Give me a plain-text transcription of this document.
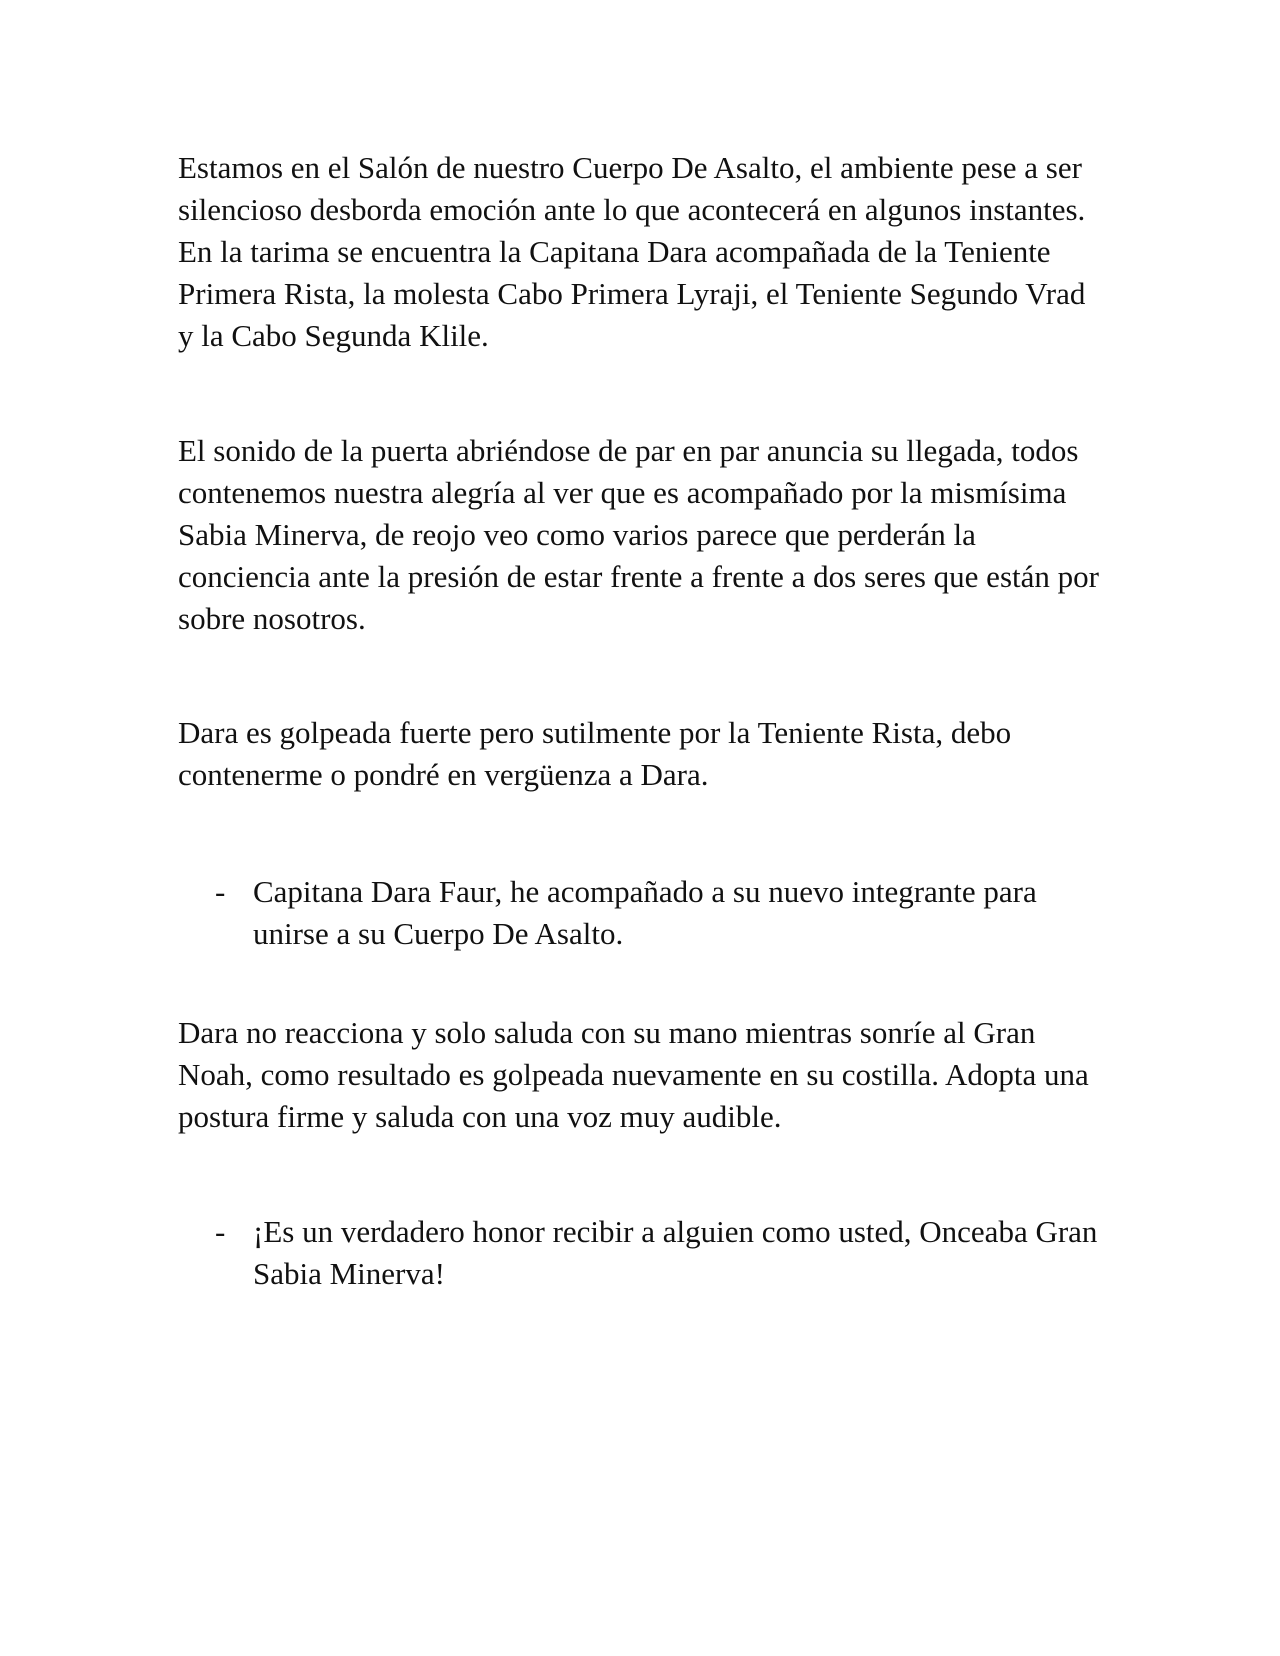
Estamos en el Salón de nuestro Cuerpo De Asalto, el ambiente pese a ser silencioso desborda emoción ante lo que acontecerá en algunos instantes. En la tarima se encuentra la Capitana Dara acompañada de la Teniente Primera Rista, la molesta Cabo Primera Lyraji, el Teniente Segundo Vrad y la Cabo Segunda Klile.

El sonido de la puerta abriéndose de par en par anuncia su llegada, todos contenemos nuestra alegría al ver que es acompañado por la mismísima Sabia Minerva, de reojo veo como varios parece que perderán la conciencia ante la presión de estar frente a frente a dos seres que están por sobre nosotros.

Dara es golpeada fuerte pero sutilmente por la Teniente Rista, debo contenerme o pondré en vergüenza a Dara.

- Capitana Dara Faur, he acompañado a su nuevo integrante para unirse a su Cuerpo De Asalto.

Dara no reacciona y solo saluda con su mano mientras sonríe al Gran Noah, como resultado es golpeada nuevamente en su costilla. Adopta una postura firme y saluda con una voz muy audible.

- ¡Es un verdadero honor recibir a alguien como usted, Onceaba Gran Sabia Minerva!
